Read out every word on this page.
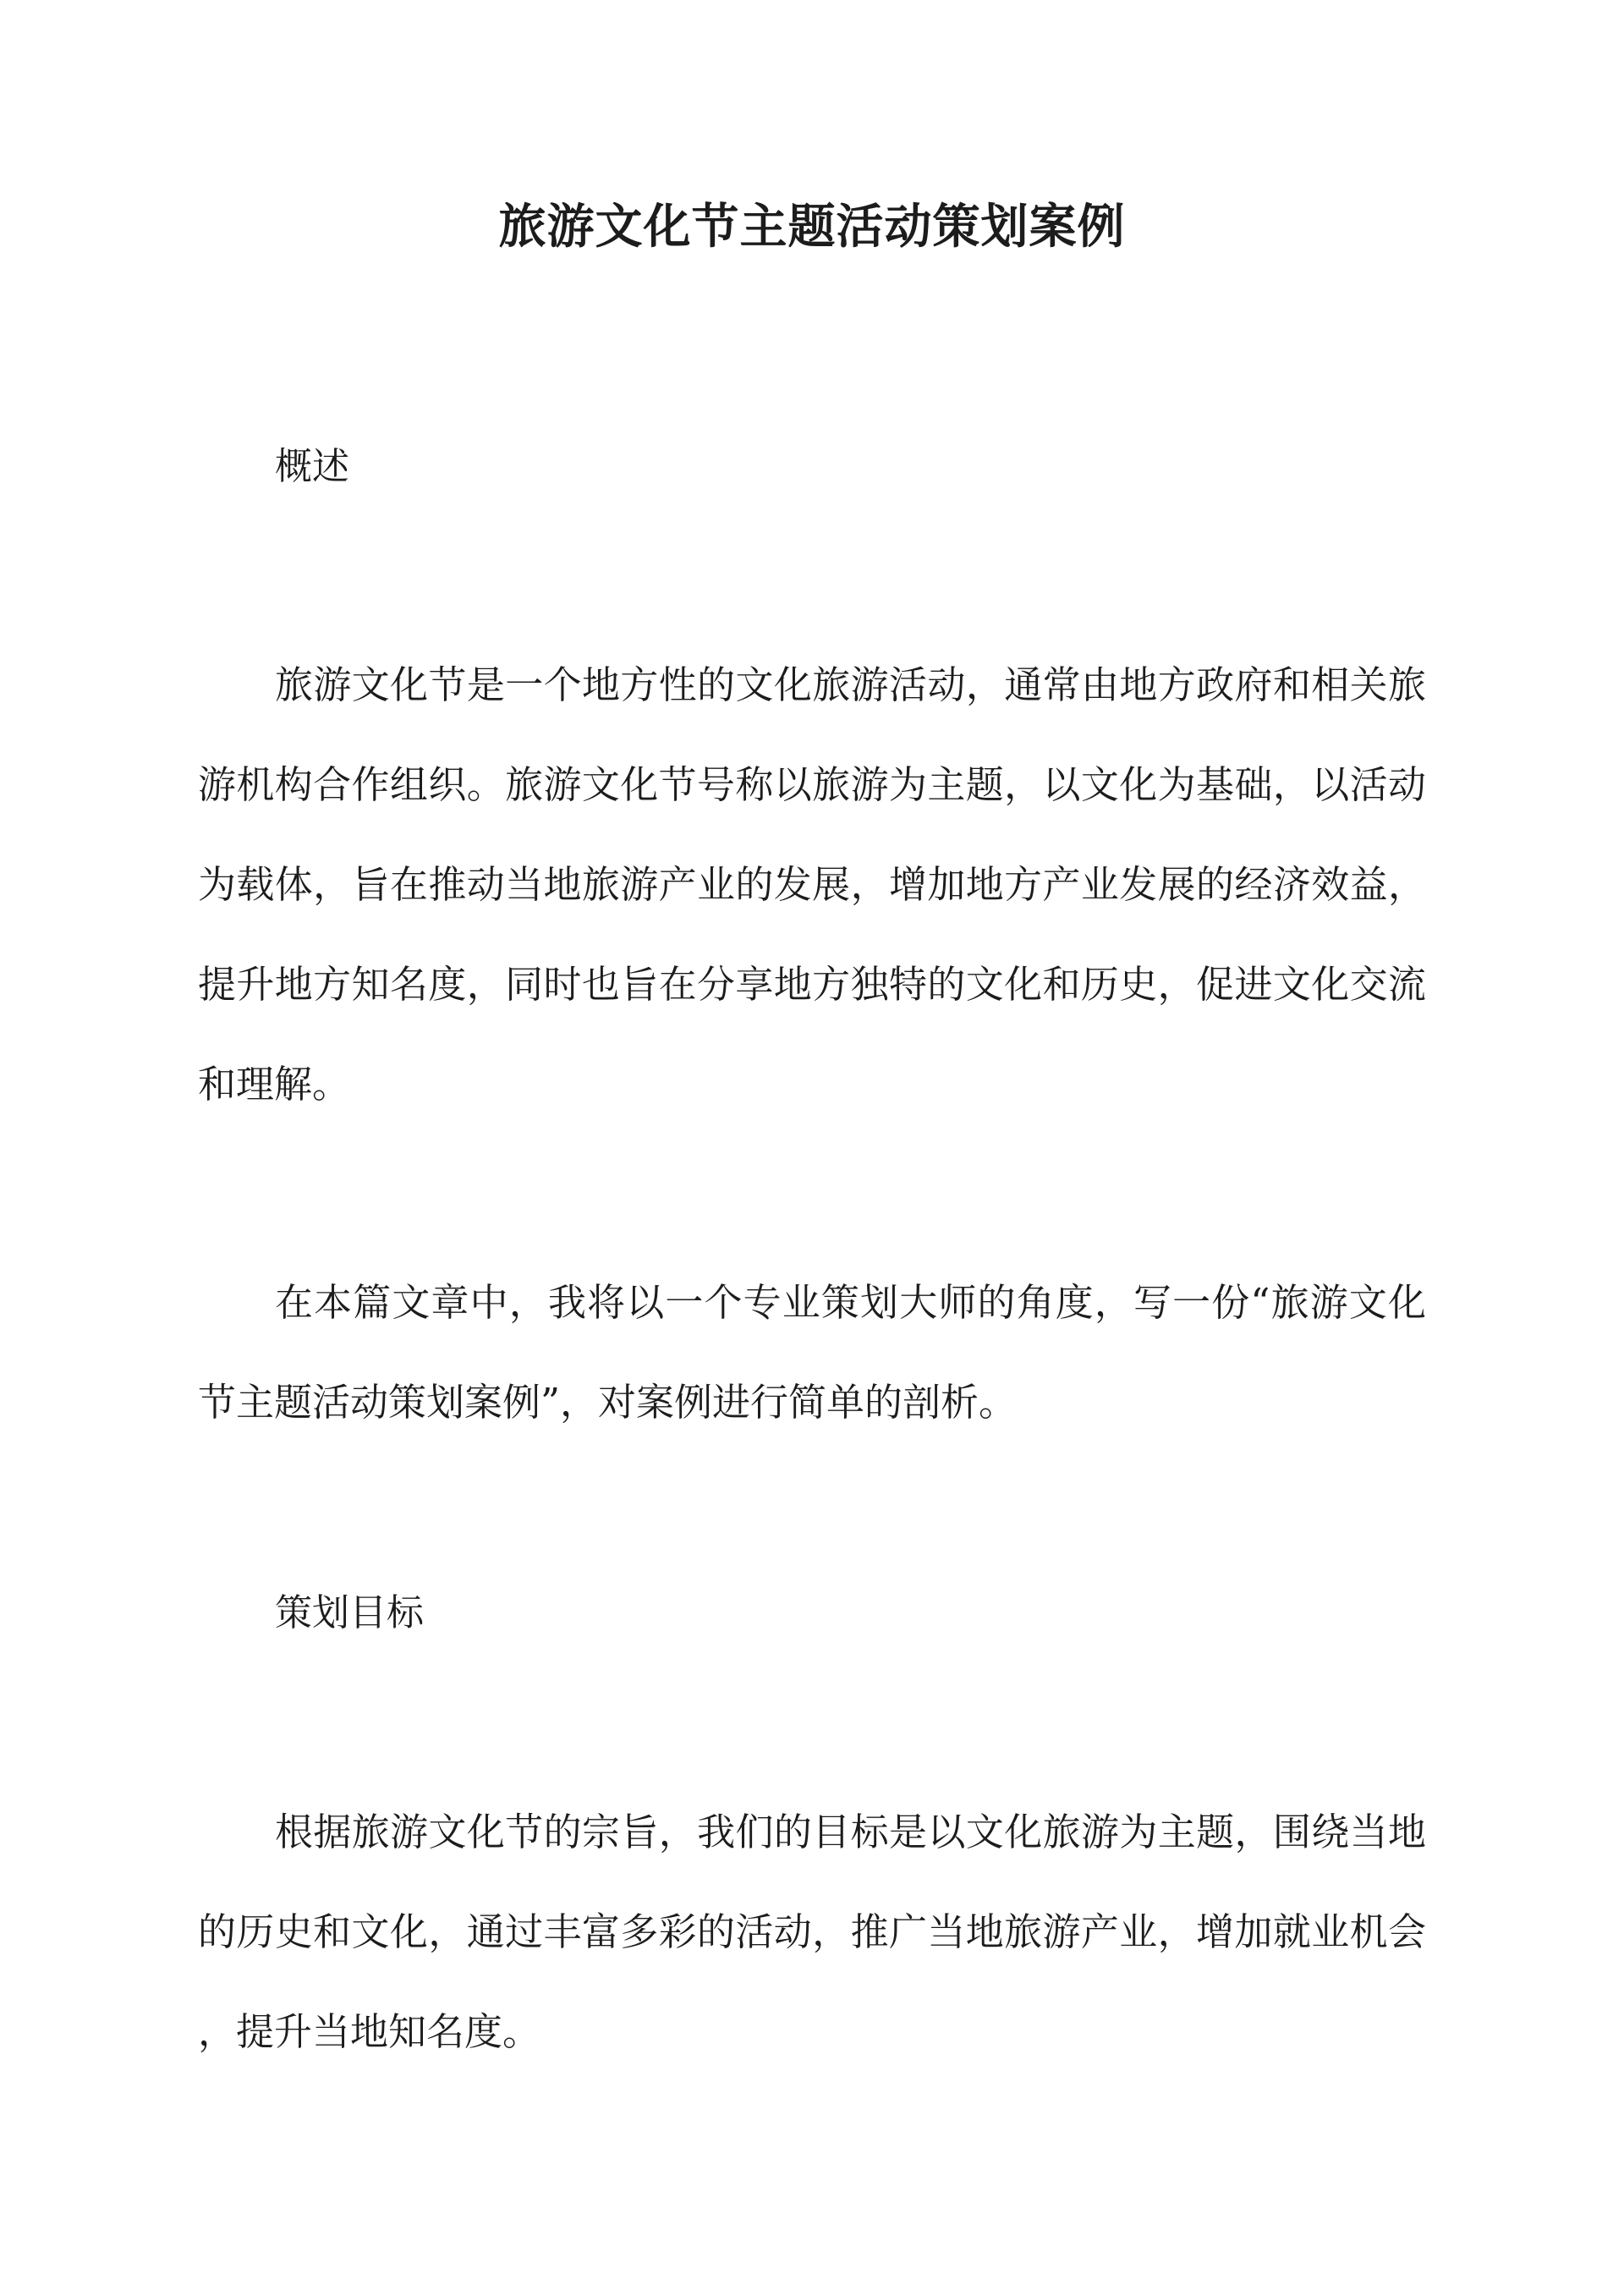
旅游文化节主题活动策划案例
概述
旅游文化节是一个地方性的文化旅游活动，通常由地方政府和相关旅
游机构合作组织。旅游文化节号称以旅游为主题，以文化为基础，以活动
为载体，旨在推动当地旅游产业的发展，增加地方产业发展的经济效益，
提升地方知名度，同时也旨在分享地方独特的文化和历史，促进文化交流
和理解。
在本篇文章中，我将以一个专业策划大师的角度，写一份“旅游文化
节主题活动策划案例”，对案例进行简单的剖析。
策划目标
根据旅游文化节的宗旨，我们的目标是以文化旅游为主题，围绕当地
的历史和文化，通过丰富多彩的活动，推广当地旅游产业，增加就业机会
，提升当地知名度。
